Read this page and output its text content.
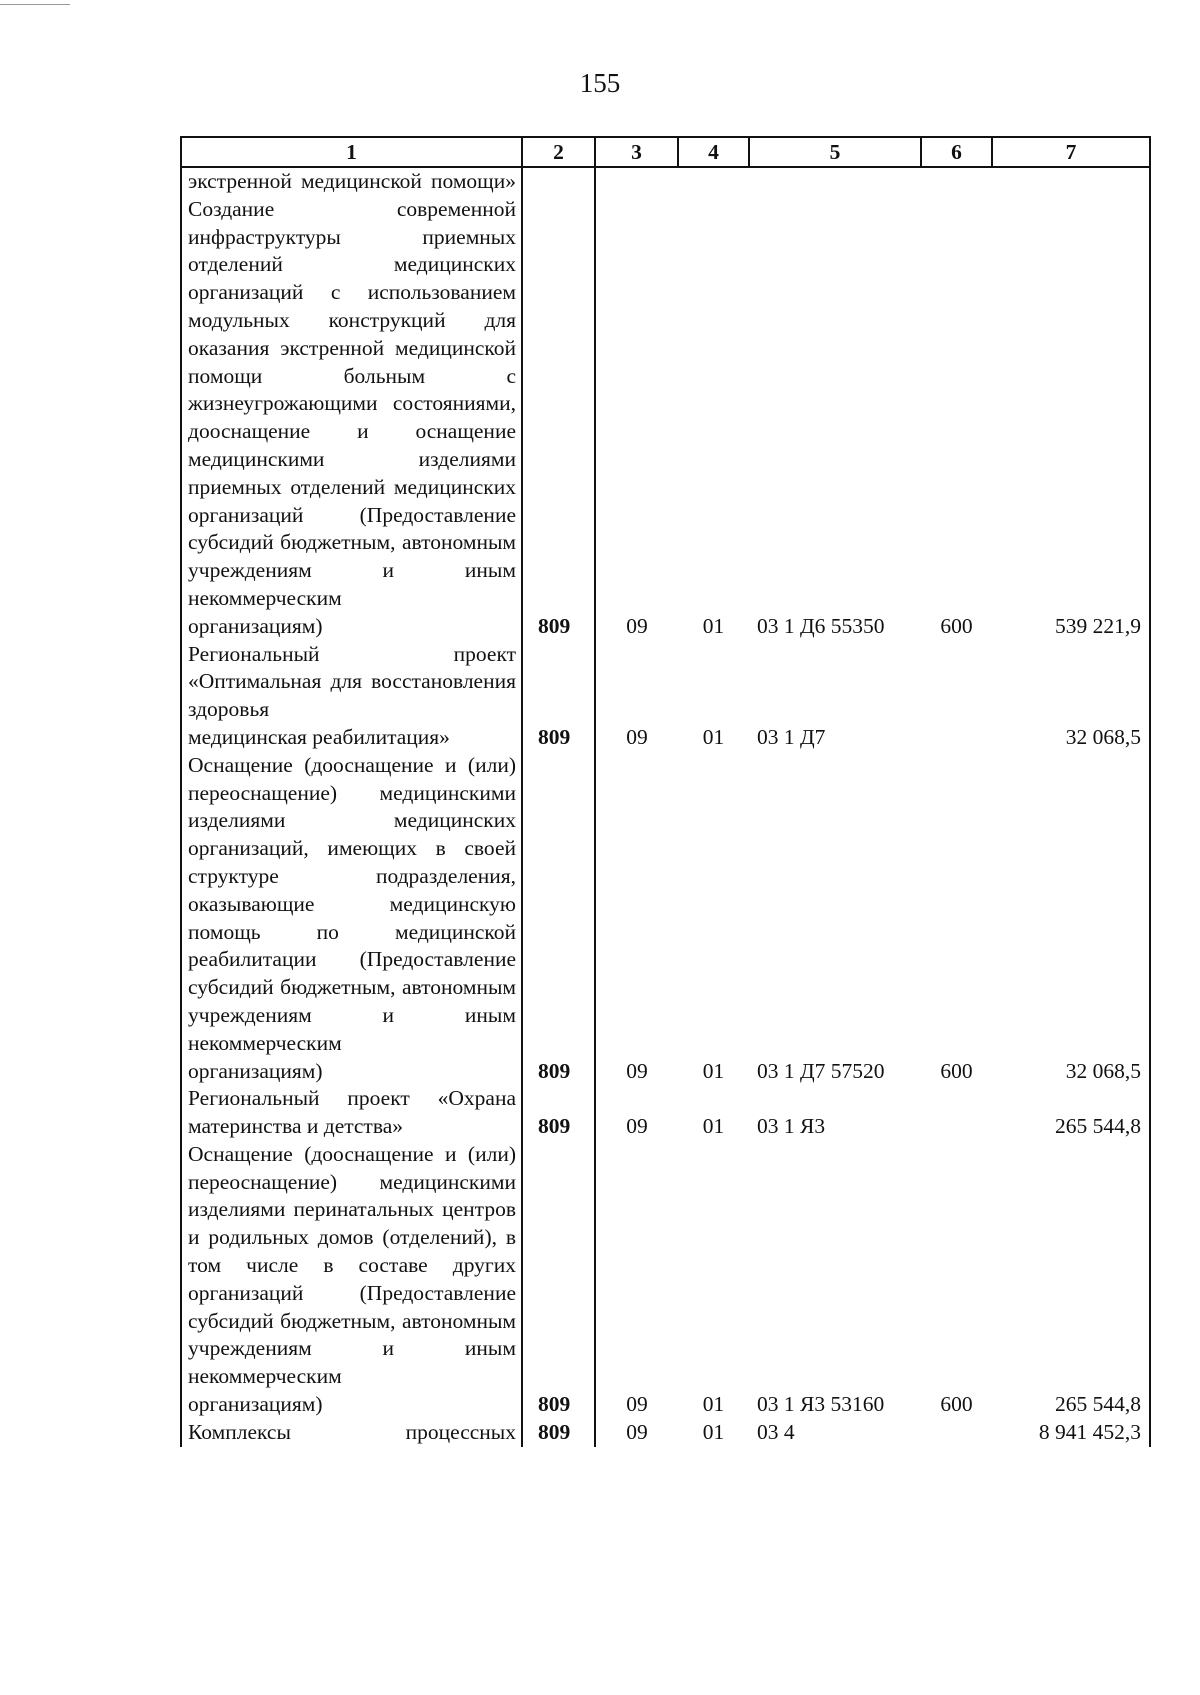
155
1	2	3	4	5	6	7
экстренной медицинской помощи» Создание современной инфраструктуры приемных отделений медицинских организаций с использованием модульных конструкций для оказания экстренной медицинской помощи больным с жизнеугрожающими состояниями, дооснащение и оснащение медицинскими изделиями приемных отделений медицинских организаций (Предоставление субсидий бюджетным, автономным учреждениям и иным некоммерческим
организациям)	809	09	01	03 1 Д6 55350	600	539 221,9
Региональный проект «Оптимальная для восстановления здоровья
медицинская реабилитация»	809	09	01	03 1 Д7		32 068,5
Оснащение (дооснащение и (или) переоснащение) медицинскими изделиями медицинских организаций, имеющих в своей структуре подразделения, оказывающие медицинскую помощь по медицинской реабилитации (Предоставление субсидий бюджетным, автономным учреждениям и иным некоммерческим
организациям)	809	09	01	03 1 Д7 57520	600	32 068,5
Региональный проект «Охрана
материнства и детства»	809	09	01	03 1 Я3		265 544,8
Оснащение (дооснащение и (или) переоснащение) медицинскими изделиями перинатальных центров и родильных домов (отделений), в том числе в составе других организаций (Предоставление субсидий бюджетным, автономным учреждениям и иным некоммерческим
организациям)	809	09	01	03 1 Я3 53160	600	265 544,8

Комплексы процессных	809	09	01	03 4		8 941 452,3
